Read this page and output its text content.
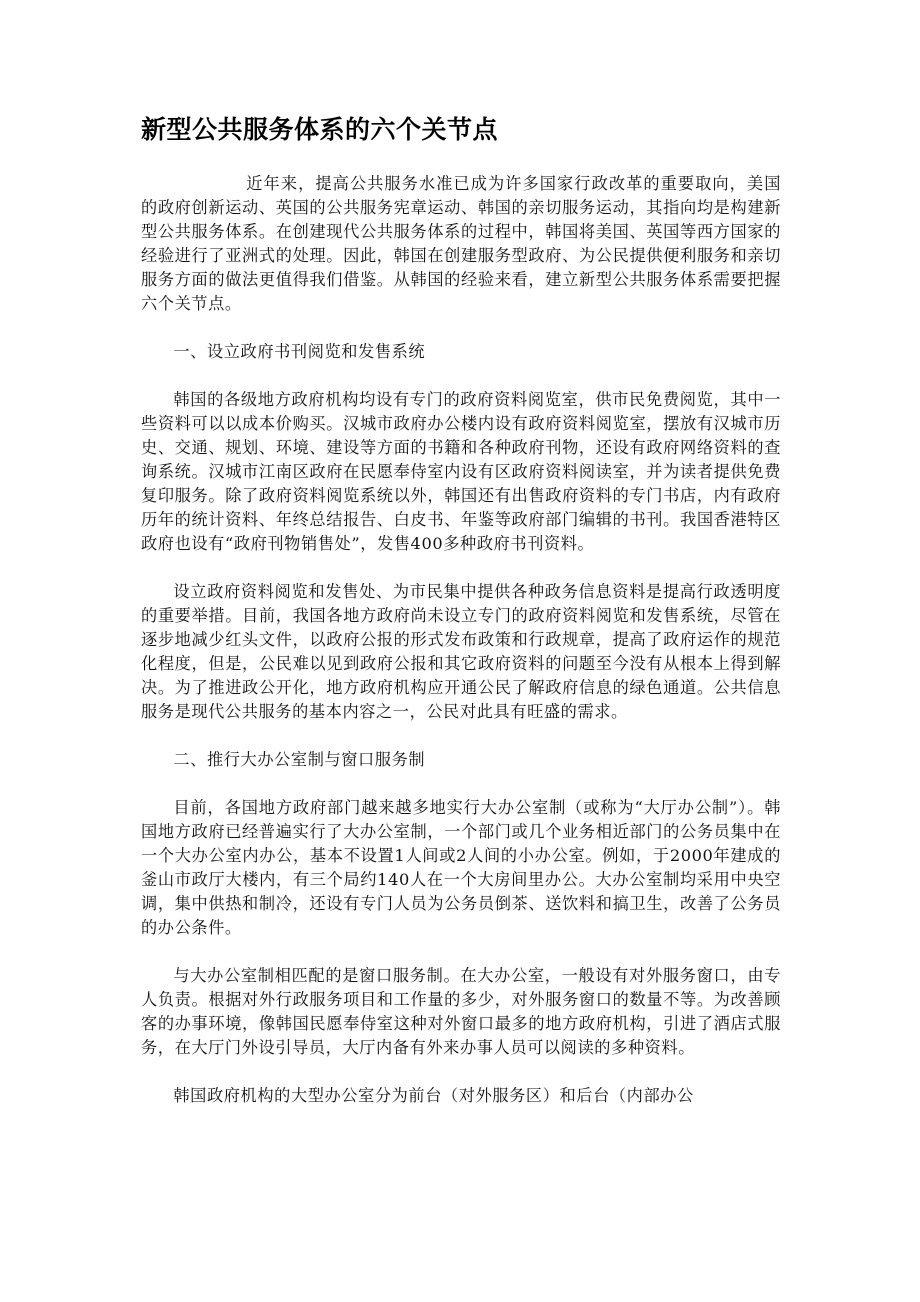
新型公共服务体系的六个关节点

近年来，提高公共服务水准已成为许多国家行政改革的重要取向，美国的政府创新运动、英国的公共服务宪章运动、韩国的亲切服务运动，其指向均是构建新型公共服务体系。在创建现代公共服务体系的过程中，韩国将美国、英国等西方国家的经验进行了亚洲式的处理。因此，韩国在创建服务型政府、为公民提供便利服务和亲切服务方面的做法更值得我们借鉴。从韩国的经验来看，建立新型公共服务体系需要把握六个关节点。

一、设立政府书刊阅览和发售系统

韩国的各级地方政府机构均设有专门的政府资料阅览室，供市民免费阅览，其中一些资料可以以成本价购买。汉城市政府办公楼内设有政府资料阅览室，摆放有汉城市历史、交通、规划、环境、建设等方面的书籍和各种政府刊物，还设有政府网络资料的查询系统。汉城市江南区政府在民愿奉侍室内设有区政府资料阅读室，并为读者提供免费复印服务。除了政府资料阅览系统以外，韩国还有出售政府资料的专门书店，内有政府历年的统计资料、年终总结报告、白皮书、年鉴等政府部门编辑的书刊。我国香港特区政府也设有“政府刊物销售处”，发售400多种政府书刊资料。

设立政府资料阅览和发售处、为市民集中提供各种政务信息资料是提高行政透明度的重要举措。目前，我国各地方政府尚未设立专门的政府资料阅览和发售系统，尽管在逐步地减少红头文件，以政府公报的形式发布政策和行政规章，提高了政府运作的规范化程度，但是，公民难以见到政府公报和其它政府资料的问题至今没有从根本上得到解决。为了推进政公开化，地方政府机构应开通公民了解政府信息的绿色通道。公共信息服务是现代公共服务的基本内容之一，公民对此具有旺盛的需求。

二、推行大办公室制与窗口服务制

目前，各国地方政府部门越来越多地实行大办公室制（或称为“大厅办公制”）。韩国地方政府已经普遍实行了大办公室制，一个部门或几个业务相近部门的公务员集中在一个大办公室内办公，基本不设置1人间或2人间的小办公室。例如，于2000年建成的釜山市政厅大楼内，有三个局约140人在一个大房间里办公。大办公室制均采用中央空调，集中供热和制冷，还设有专门人员为公务员倒茶、送饮料和搞卫生，改善了公务员的办公条件。

与大办公室制相匹配的是窗口服务制。在大办公室，一般设有对外服务窗口，由专人负责。根据对外行政服务项目和工作量的多少，对外服务窗口的数量不等。为改善顾客的办事环境，像韩国民愿奉侍室这种对外窗口最多的地方政府机构，引进了酒店式服务，在大厅门外设引导员，大厅内备有外来办事人员可以阅读的多种资料。

韩国政府机构的大型办公室分为前台（对外服务区）和后台（内部办公
